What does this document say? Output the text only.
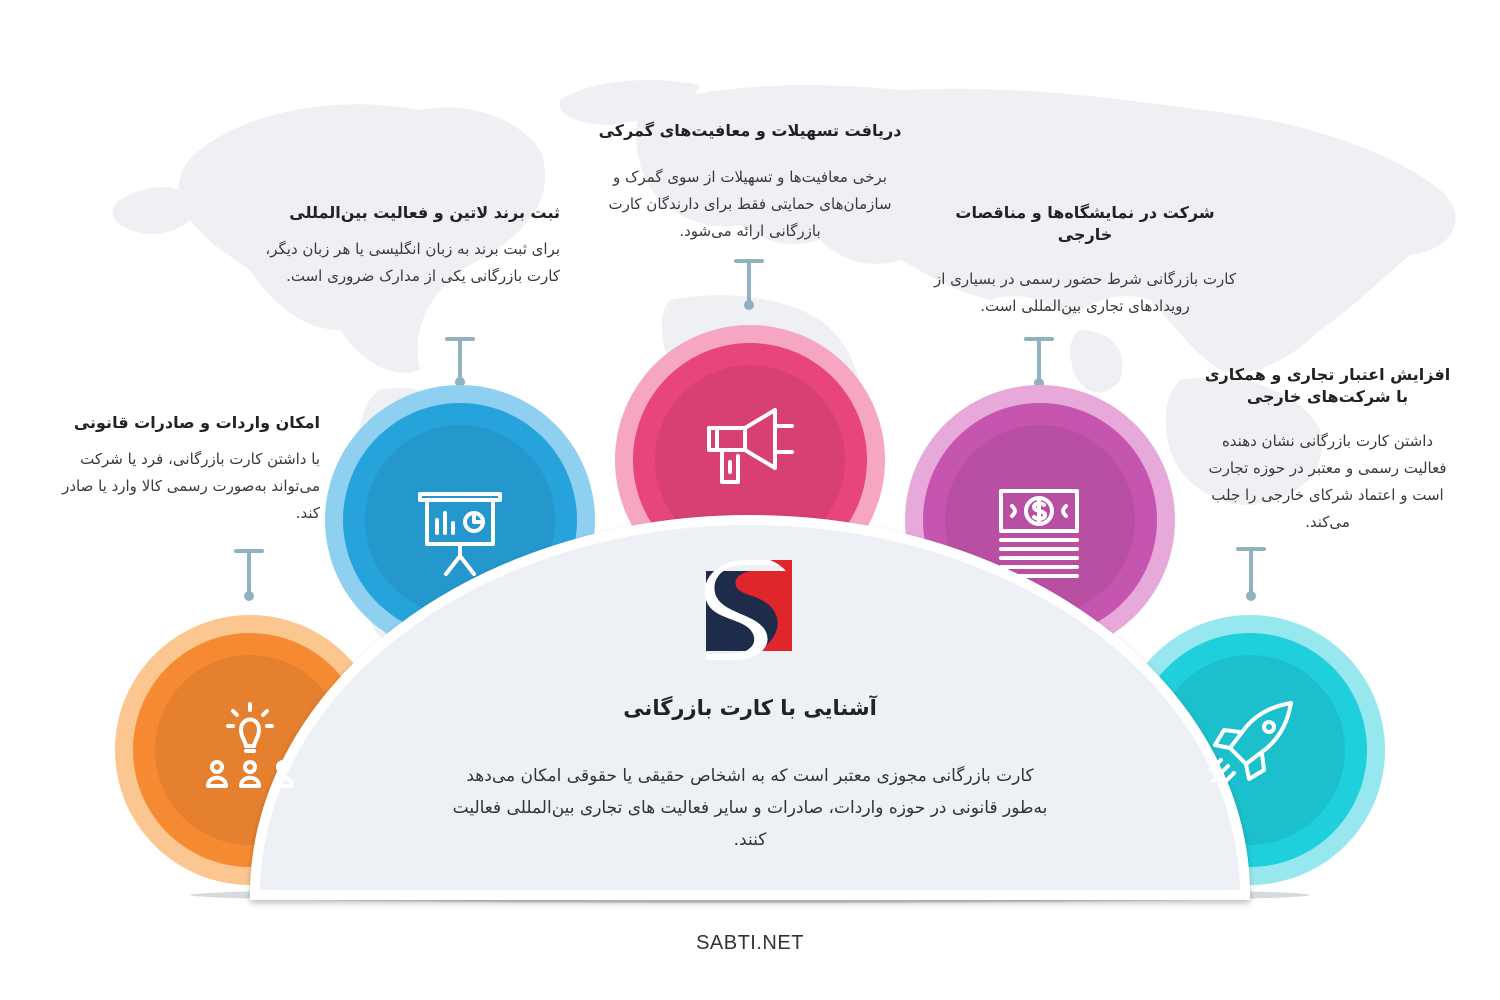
امکان واردات و صادرات قانونی
با داشتن کارت بازرگانی، فرد یا شرکت می‌تواند به‌صورت رسمی کالا وارد یا صادر کند.
ثبت برند لاتین و فعالیت بین‌المللی
برای ثبت برند به زبان انگلیسی یا هر زبان دیگر، کارت بازرگانی یکی از مدارک ضروری است.
دریافت تسهیلات و معافیت‌های گمرکی
برخی معافیت‌ها و تسهیلات از سوی گمرک و سازمان‌های حمایتی فقط برای دارندگان کارت بازرگانی ارائه می‌شود.
شرکت در نمایشگاه‌ها و مناقصات خارجی
کارت بازرگانی شرط حضور رسمی در بسیاری از رویدادهای تجاری بین‌المللی است.
افزایش اعتبار تجاری و همکاری با شرکت‌های خارجی
داشتن کارت بازرگانی نشان دهنده فعالیت رسمی و معتبر در حوزه تجارت است و اعتماد شرکای خارجی را جلب می‌کند.
آشنایی با کارت بازرگانی
کارت بازرگانی مجوزی معتبر است که به اشخاص حقیقی یا حقوقی امکان می‌دهد به‌طور قانونی در حوزه واردات، صادرات و سایر فعالیت های تجاری بین‌المللی فعالیت کنند.
SABTI.NET
